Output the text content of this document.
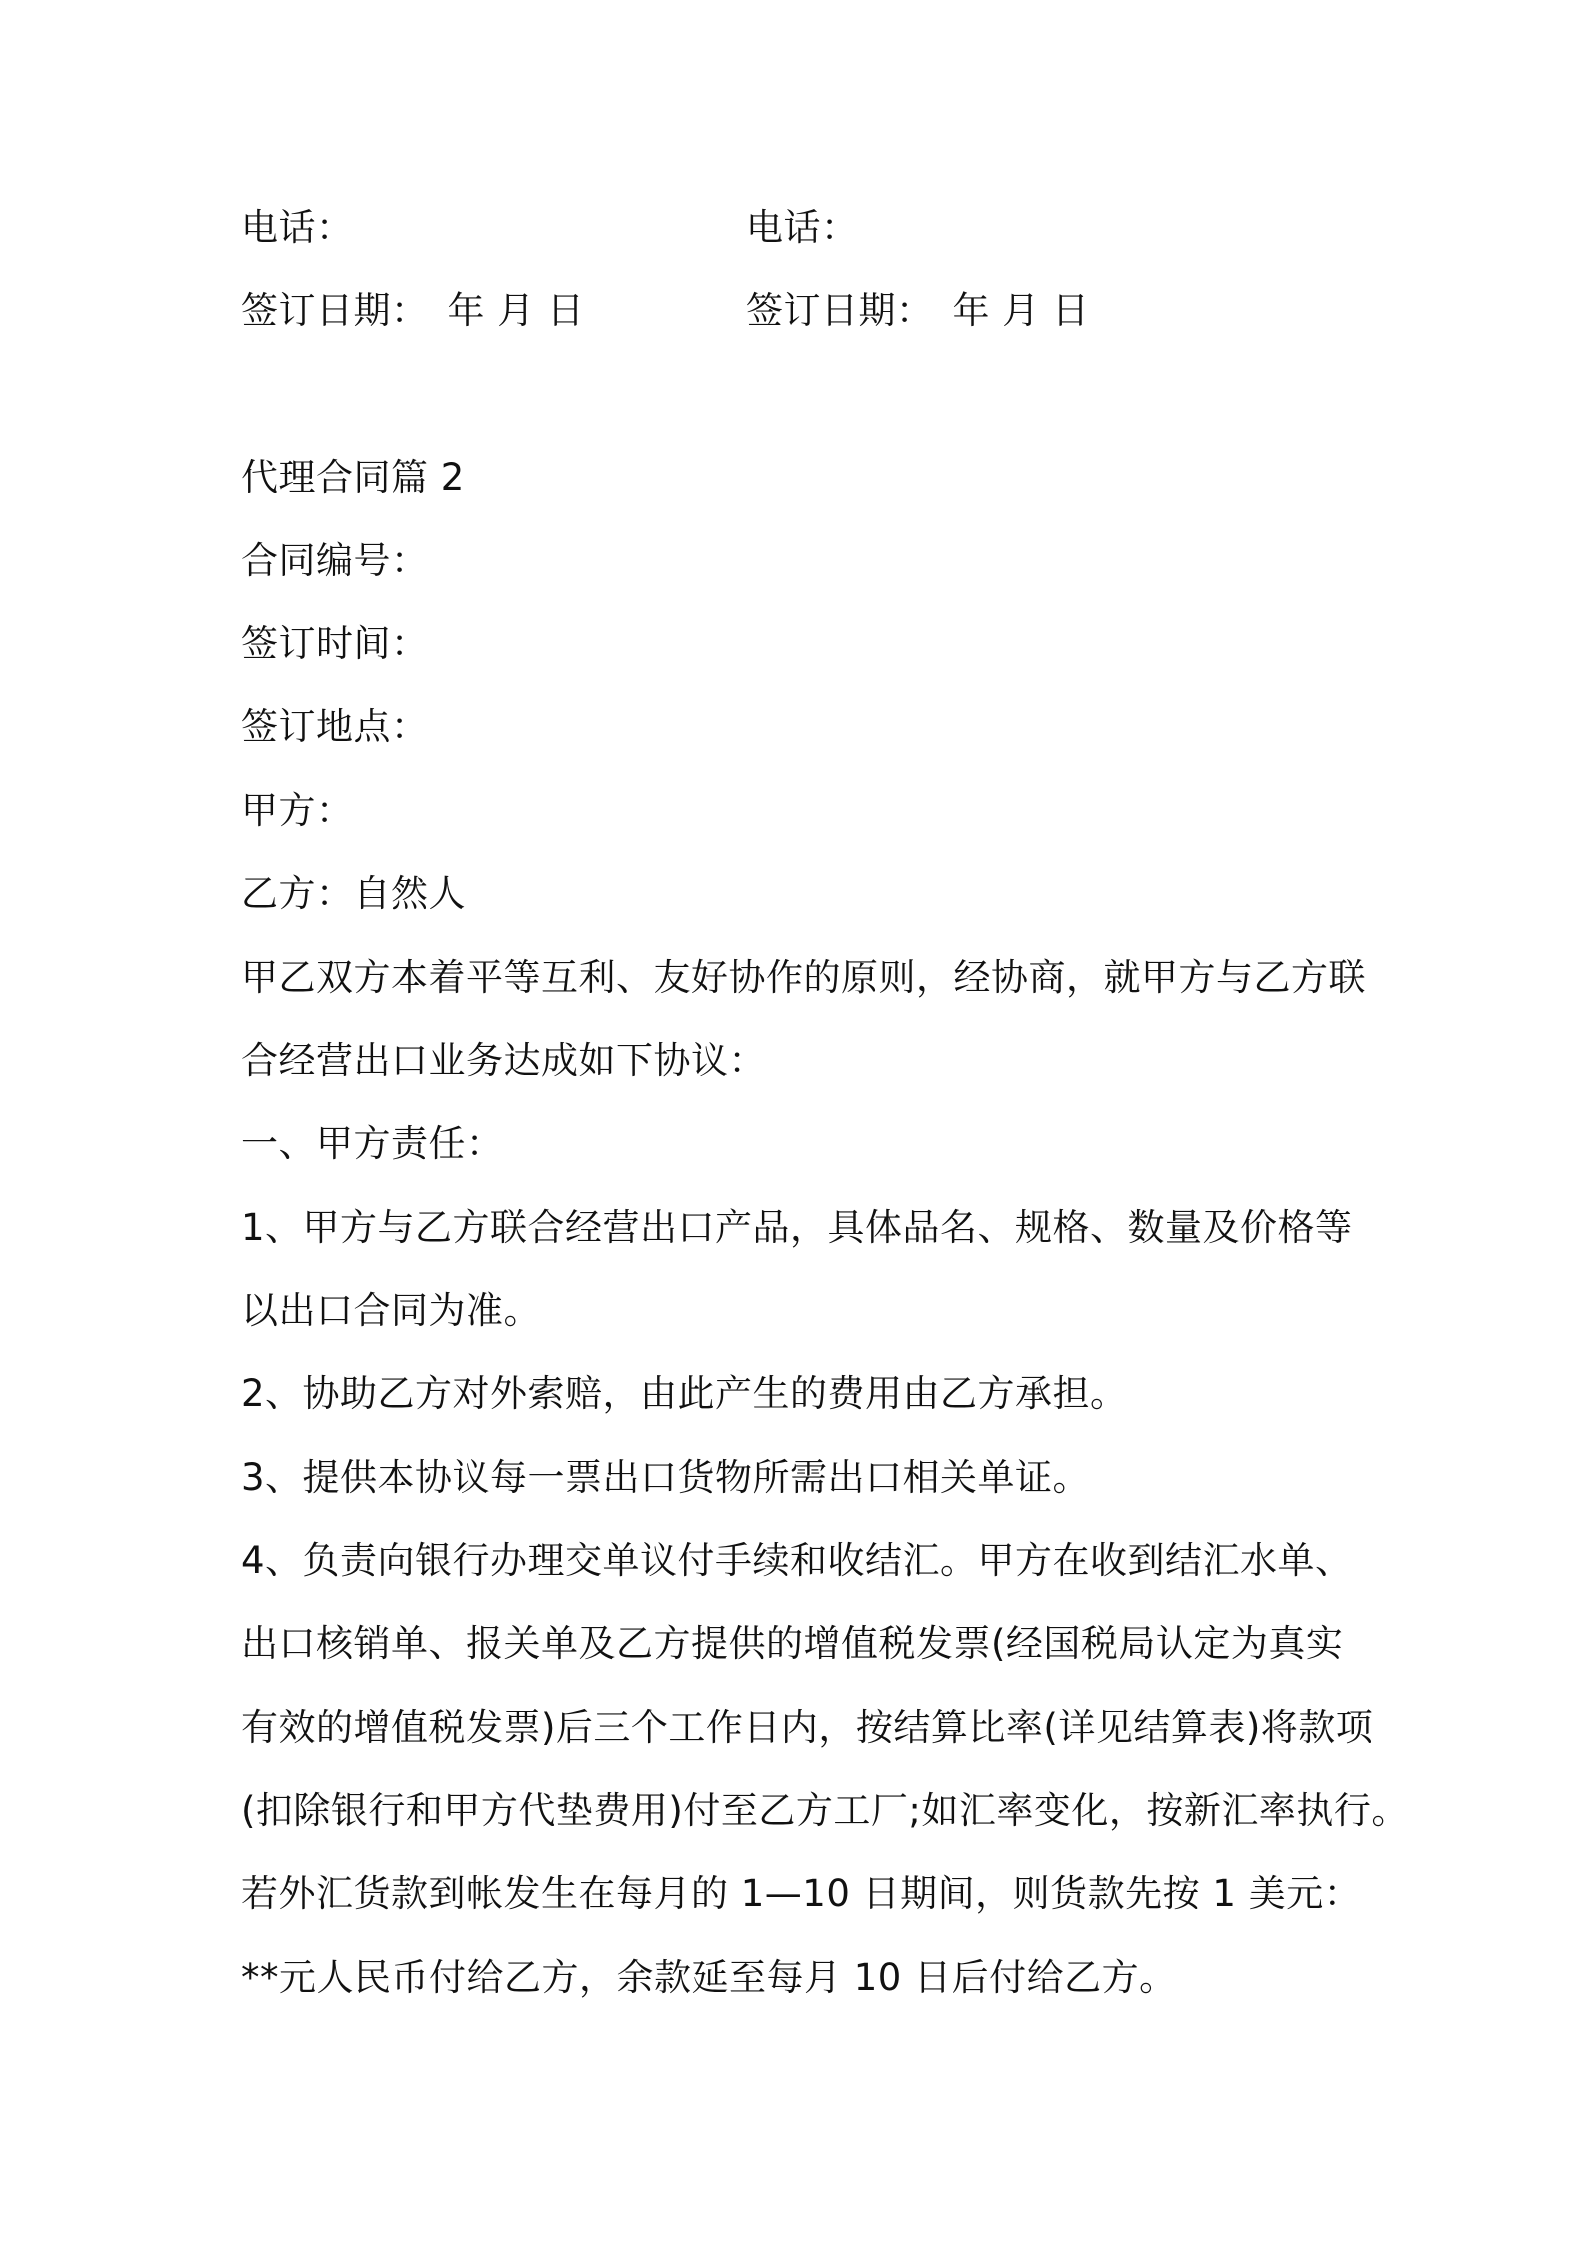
电话：	电话：
签订日期：　年 月 日	签订日期：　年 月 日
代理合同篇 2
合同编号：
签订时间：
签订地点：
甲方：
乙方：自然人
甲乙双方本着平等互利、友好协作的原则，经协商，就甲方与乙方联
合经营出口业务达成如下协议：
一、甲方责任：
1、甲方与乙方联合经营出口产品，具体品名、规格、数量及价格等
以出口合同为准。
2、协助乙方对外索赔，由此产生的费用由乙方承担。
3、提供本协议每一票出口货物所需出口相关单证。
4、负责向银行办理交单议付手续和收结汇。甲方在收到结汇水单、
出口核销单、报关单及乙方提供的增值税发票(经国税局认定为真实
有效的增值税发票)后三个工作日内，按结算比率(详见结算表)将款项
(扣除银行和甲方代垫费用)付至乙方工厂;如汇率变化，按新汇率执行。
若外汇货款到帐发生在每月的 1—10 日期间，则货款先按 1 美元：
**元人民币付给乙方，余款延至每月 10 日后付给乙方。
